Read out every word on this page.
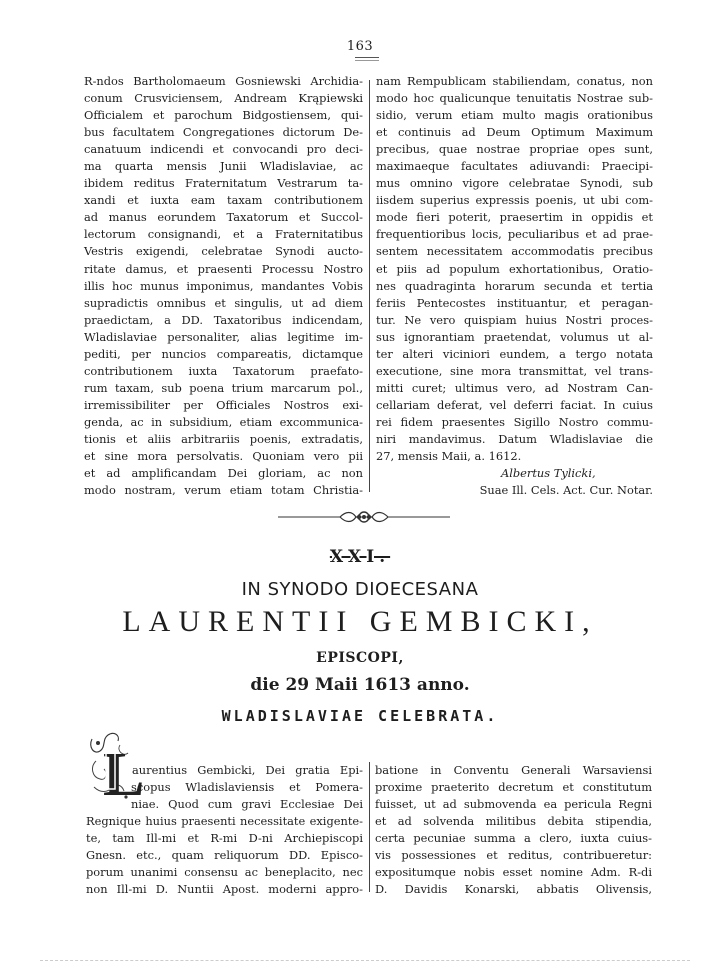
163
R-ndos Bartholomaeum Gosniewski Archidia-
conum Crusviciensem, Andream Krąpiewski
Officialem et parochum Bidgostiensem, qui-
bus facultatem Congregationes dictorum De-
canatuum indicendi et convocandi pro deci-
ma quarta mensis Junii Wladislaviae, ac
ibidem reditus Fraternitatum Vestrarum ta-
xandi et iuxta eam taxam contributionem
ad manus eorundem Taxatorum et Succol-
lectorum consignandi, et a Fraternitatibus
Vestris exigendi, celebratae Synodi aucto-
ritate damus, et praesenti Processu Nostro
illis hoc munus imponimus, mandantes Vobis
supradictis omnibus et singulis, ut ad diem
praedictam, a DD. Taxatoribus indicendam,
Wladislaviae personaliter, alias legitime im-
pediti, per nuncios compareatis, dictamque
contributionem iuxta Taxatorum praefato-
rum taxam, sub poena trium marcarum pol.,
irremissibiliter per Officiales Nostros exi-
genda, ac in subsidium, etiam excommunica-
tionis et aliis arbitrariis poenis, extradatis,
et sine mora persolvatis. Quoniam vero pii
et ad amplificandam Dei gloriam, ac non
modo nostram, verum etiam totam Christia-
nam Rempublicam stabiliendam, conatus, non
modo hoc qualicunque tenuitatis Nostrae sub-
sidio, verum etiam multo magis orationibus
et continuis ad Deum Optimum Maximum
precibus, quae nostrae propriae opes sunt,
maximaeque facultates adiuvandi: Praecipi-
mus omnino vigore celebratae Synodi, sub
iisdem superius expressis poenis, ut ubi com-
mode fieri poterit, praesertim in oppidis et
frequentioribus locis, peculiaribus et ad prae-
sentem necessitatem accommodatis precibus
et piis ad populum exhortationibus, Oratio-
nes quadraginta horarum secunda et tertia
feriis Pentecostes instituantur, et peragan-
tur. Ne vero quispiam huius Nostri proces-
sus ignorantiam praetendat, volumus ut al-
ter alteri viciniori eundem, a tergo notata
executione, sine mora transmittat, vel trans-
mitti curet; ultimus vero, ad Nostram Can-
cellariam deferat, vel deferri faciat. In cuius
rei fidem praesentes Sigillo Nostro commu-
niri mandavimus. Datum Wladislaviae die
27, mensis Maii, a. 1612.
Albertus Tylicki,
Suae Ill. Cels. Act. Cur. Notar.
XXI.
IN SYNODO DIOECESANA
LAURENTII GEMBICKI,
EPISCOPI,
die 29 Maii 1613 anno.
WLADISLAVIAE CELEBRATA.
L
aurentius Gembicki, Dei gratia Epi-
scopus Wladislaviensis et Pomera-
niae. Quod cum gravi Ecclesiae Dei
Regnique huius praesenti necessitate exigente-
te, tam Ill-mi et R-mi D-ni Archiepiscopi
Gnesn. etc., quam reliquorum DD. Episco-
porum unanimi consensu ac beneplacito, nec
non Ill-mi D. Nuntii Apost. moderni appro-
batione in Conventu Generali Warsaviensi
proxime praeterito decretum et constitutum
fuisset, ut ad submovenda ea pericula Regni
et ad solvenda militibus debita stipendia,
certa pecuniae summa a clero, iuxta cuius-
vis possessiones et reditus, contribueretur:
expositumque nobis esset nomine Adm. R-di
D. Davidis Konarski, abbatis Olivensis,
